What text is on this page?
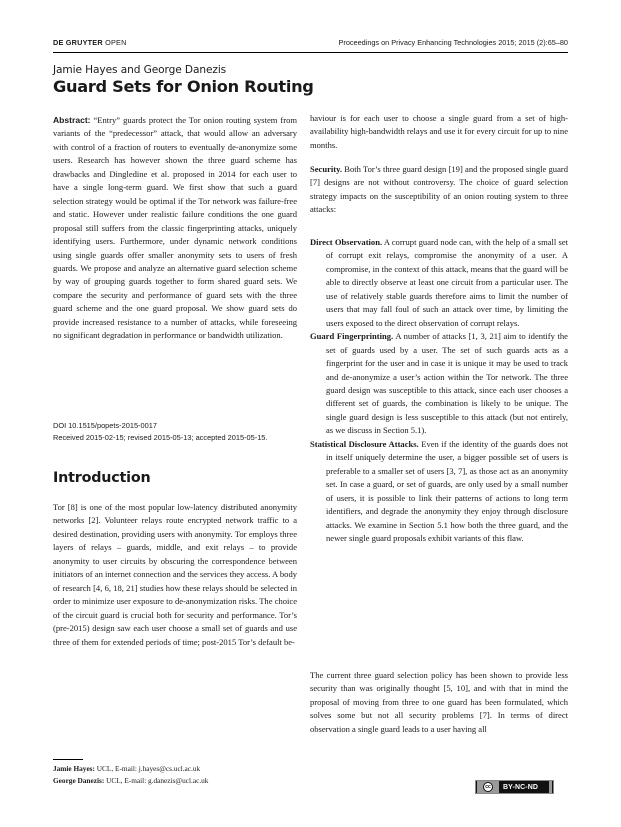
DE GRUYTER OPEN	Proceedings on Privacy Enhancing Technologies 2015; 2015 (2):65–80
Jamie Hayes and George Danezis
Guard Sets for Onion Routing
Abstract: “Entry” guards protect the Tor onion routing system from variants of the “predecessor” attack, that would allow an adversary with control of a fraction of routers to eventually de-anonymize some users. Research has however shown the three guard scheme has drawbacks and Dingledine et al. proposed in 2014 for each user to have a single long-term guard. We first show that such a guard selection strategy would be optimal if the Tor network was failure-free and static. However under realistic failure conditions the one guard proposal still suffers from the classic fingerprinting attacks, uniquely identifying users. Furthermore, under dynamic network conditions using single guards offer smaller anonymity sets to users of fresh guards. We propose and analyze an alternative guard selection scheme by way of grouping guards together to form shared guard sets. We compare the security and performance of guard sets with the three guard scheme and the one guard proposal. We show guard sets do provide increased resistance to a number of attacks, while foreseeing no significant degradation in performance or bandwidth utilization.
DOI 10.1515/popets-2015-0017
Received 2015-02-15; revised 2015-05-13; accepted 2015-05-15.
Introduction
Tor [8] is one of the most popular low-latency distributed anonymity networks [2]. Volunteer relays route encrypted network traffic to a desired destination, providing users with anonymity. Tor employs three layers of relays – guards, middle, and exit relays – to provide anonymity to user circuits by obscuring the correspondence between initiators of an internet connection and the services they access. A body of research [4, 6, 18, 21] studies how these relays should be selected in order to minimize user exposure to de-anonymization risks. The choice of the circuit guard is crucial both for security and performance. Tor’s (pre-2015) design saw each user choose a small set of guards and use three of them for extended periods of time; post-2015 Tor’s default be-
Jamie Hayes: UCL, E-mail: j.hayes@cs.ucl.ac.uk
George Danezis: UCL, E-mail: g.danezis@ucl.ac.uk
haviour is for each user to choose a single guard from a set of high-availability high-bandwidth relays and use it for every circuit for up to nine months.
Security. Both Tor’s three guard design [19] and the proposed single guard [7] designs are not without controversy. The choice of guard selection strategy impacts on the susceptibility of an onion routing system to three attacks:
Direct Observation. A corrupt guard node can, with the help of a small set of corrupt exit relays, compromise the anonymity of a user. A compromise, in the context of this attack, means that the guard will be able to directly observe at least one circuit from a particular user. The use of relatively stable guards therefore aims to limit the number of users that may fall foul of such an attack over time, by limiting the users exposed to the direct observation of corrupt relays.
Guard Fingerprinting. A number of attacks [1, 3, 21] aim to identify the set of guards used by a user. The set of such guards acts as a fingerprint for the user and in case it is unique it may be used to track and de-anonymize a user’s action within the Tor network. The three guard design was susceptible to this attack, since each user chooses a different set of guards, the combination is likely to be unique. The single guard design is less susceptible to this attack (but not entirely, as we discuss in Section 5.1).
Statistical Disclosure Attacks. Even if the identity of the guards does not in itself uniquely determine the user, a bigger possible set of users is preferable to a smaller set of users [3, 7], as those act as an anonymity set. In case a guard, or set of guards, are only used by a small number of users, it is possible to link their patterns of actions to long term identifiers, and degrade the anonymity they enjoy through disclosure attacks. We examine in Section 5.1 how both the three guard, and the newer single guard proposals exhibit variants of this flaw.
The current three guard selection policy has been shown to provide less security than was originally thought [5, 10], and with that in mind the proposal of moving from three to one guard has been formulated, which solves some but not all security problems [7]. In terms of direct observation a single guard leads to a user having all
cc	BY-NC-ND
